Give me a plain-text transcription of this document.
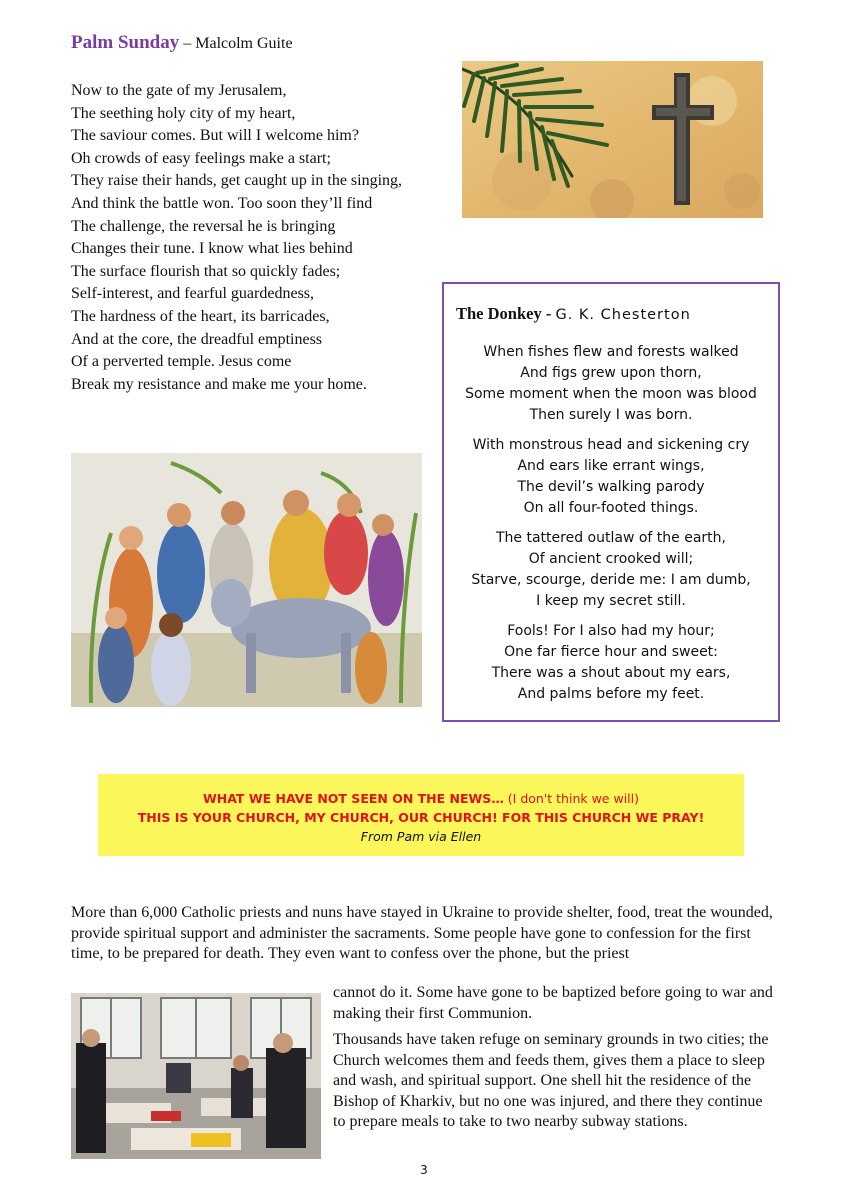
Palm Sunday – Malcolm Guite
Now to the gate of my Jerusalem,
The seething holy city of my heart,
The saviour comes. But will I welcome him?
Oh crowds of easy feelings make a start;
They raise their hands, get caught up in the singing,
And think the battle won. Too soon they’ll find
The challenge, the reversal he is bringing
Changes their tune. I know what lies behind
The surface flourish that so quickly fades;
Self-interest, and fearful guardedness,
The hardness of the heart, its barricades,
And at the core, the dreadful emptiness
Of a perverted temple. Jesus come
Break my resistance and make me your home.
The Donkey - G. K. Chesterton
When fishes flew and forests walked
And figs grew upon thorn,
Some moment when the moon was blood
Then surely I was born.
With monstrous head and sickening cry
And ears like errant wings,
The devil’s walking parody
On all four-footed things.
The tattered outlaw of the earth,
Of ancient crooked will;
Starve, scourge, deride me: I am dumb,
I keep my secret still.
Fools! For I also had my hour;
One far fierce hour and sweet:
There was a shout about my ears,
And palms before my feet.
WHAT WE HAVE NOT SEEN ON THE NEWS… (I don't think we will)
THIS IS YOUR CHURCH, MY CHURCH, OUR CHURCH! FOR THIS CHURCH WE PRAY!
From Pam via Ellen
More than 6,000 Catholic priests and nuns have stayed in Ukraine to provide shelter, food, treat the wounded, provide spiritual support and administer the sacraments. Some people have gone to confession for the first time, to be prepared for death. They even want to confess over the phone, but the priest

cannot do it. Some have gone to be baptized before going to war and making their first Communion.

Thousands have taken refuge on seminary grounds in two cities; the Church welcomes them and feeds them, gives them a place to sleep and wash, and spiritual support. One shell hit the residence of the Bishop of Kharkiv, but no one was injured, and there they continue to prepare meals to take to two nearby subway stations.

3
